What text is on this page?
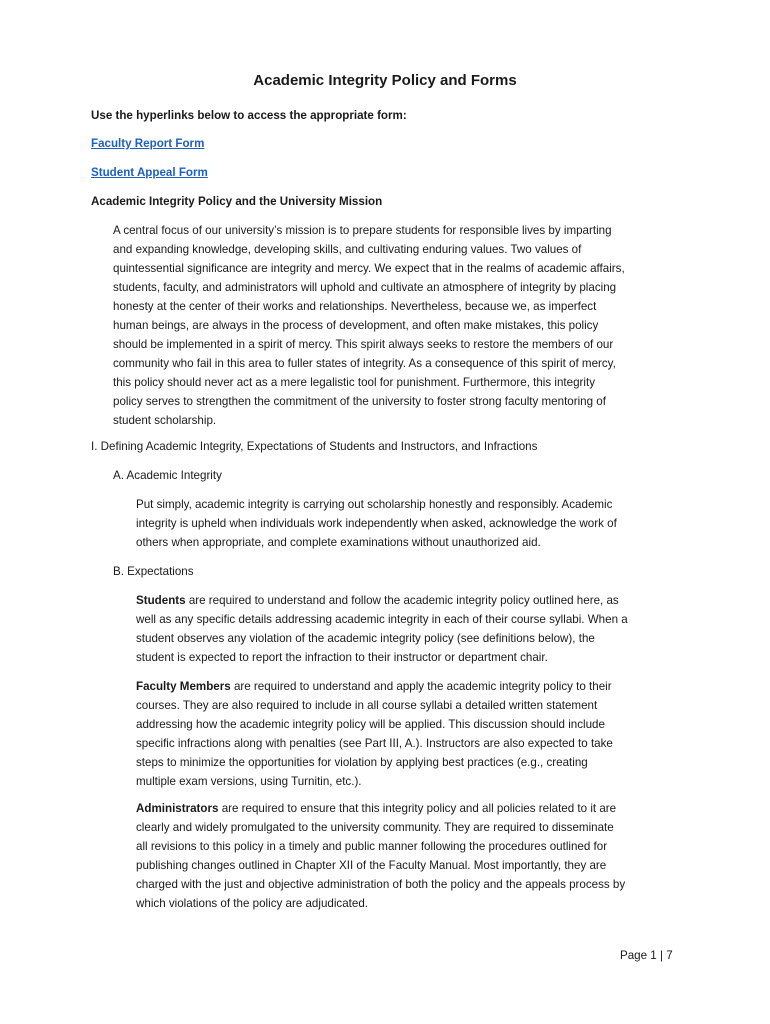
Academic Integrity Policy and Forms
Use the hyperlinks below to access the appropriate form:
Faculty Report Form
Student Appeal Form
Academic Integrity Policy and the University Mission

A central focus of our university’s mission is to prepare students for responsible lives by imparting

and expanding knowledge, developing skills, and cultivating enduring values. Two values of

quintessential significance are integrity and mercy. We expect that in the realms of academic affairs,

students, faculty, and administrators will uphold and cultivate an atmosphere of integrity by placing

honesty at the center of their works and relationships. Nevertheless, because we, as imperfect

human beings, are always in the process of development, and often make mistakes, this policy

should be implemented in a spirit of mercy. This spirit always seeks to restore the members of our

community who fail in this area to fuller states of integrity. As a consequence of this spirit of mercy,

this policy should never act as a mere legalistic tool for punishment. Furthermore, this integrity

policy serves to strengthen the commitment of the university to foster strong faculty mentoring of

student scholarship.

I. Defining Academic Integrity, Expectations of Students and Instructors, and Infractions
A. Academic Integrity

Put simply, academic integrity is carrying out scholarship honestly and responsibly. Academic

integrity is upheld when individuals work independently when asked, acknowledge the work of

others when appropriate, and complete examinations without unauthorized aid.

B. Expectations

Students are required to understand and follow the academic integrity policy outlined here, as

well as any specific details addressing academic integrity in each of their course syllabi. When a

student observes any violation of the academic integrity policy (see definitions below), the

student is expected to report the infraction to their instructor or department chair.

Faculty Members are required to understand and apply the academic integrity policy to their

courses. They are also required to include in all course syllabi a detailed written statement

addressing how the academic integrity policy will be applied. This discussion should include

specific infractions along with penalties (see Part III, A.). Instructors are also expected to take

steps to minimize the opportunities for violation by applying best practices (e.g., creating

multiple exam versions, using Turnitin, etc.).

Administrators are required to ensure that this integrity policy and all policies related to it are

clearly and widely promulgated to the university community. They are required to disseminate

all revisions to this policy in a timely and public manner following the procedures outlined for

publishing changes outlined in Chapter XII of the Faculty Manual. Most importantly, they are

charged with the just and objective administration of both the policy and the appeals process by

which violations of the policy are adjudicated.

Page 1 | 7
